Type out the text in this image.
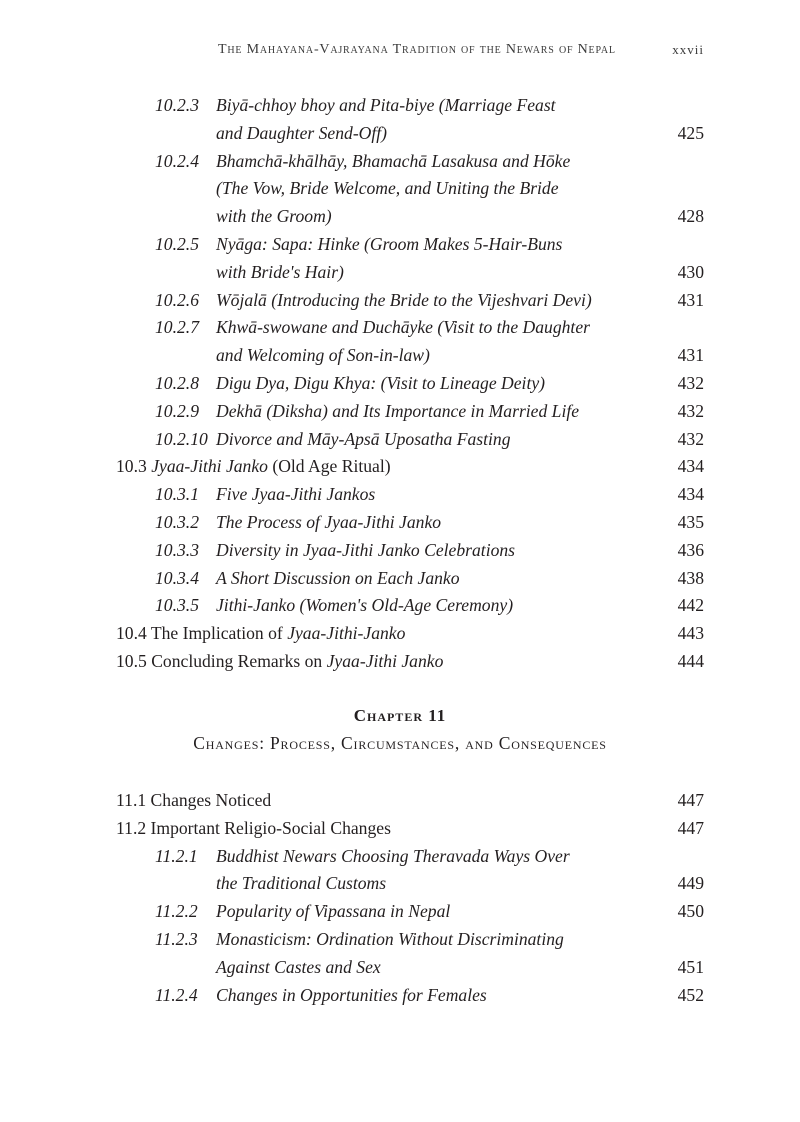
The Mahayana-Vajrayana Tradition of the Newars of Nepal	xxvii
10.2.3 Biyā-chhoy bhoy and Pita-biye (Marriage Feast
and Daughter Send-Off)	425
10.2.4 Bhamchā-khālhāy, Bhamachā Lasakusa and Hōke
(The Vow, Bride Welcome, and Uniting the Bride
with the Groom)	428
10.2.5 Nyāga: Sapa: Hinke (Groom Makes 5-Hair-Buns
with Bride's Hair)	430
10.2.6 Wōjalā (Introducing the Bride to the Vijeshvari Devi)	431
10.2.7 Khwā-swowane and Duchāyke (Visit to the Daughter
and Welcoming of Son-in-law)	431
10.2.8 Digu Dya, Digu Khya: (Visit to Lineage Deity)	432
10.2.9 Dekhā (Diksha) and Its Importance in Married Life	432
10.2.10 Divorce and Māy-Apsā Uposatha Fasting	432
10.3 Jyaa-Jithi Janko (Old Age Ritual)	434
10.3.1 Five Jyaa-Jithi Jankos	434
10.3.2 The Process of Jyaa-Jithi Janko	435
10.3.3 Diversity in Jyaa-Jithi Janko Celebrations	436
10.3.4 A Short Discussion on Each Janko	438
10.3.5 Jithi-Janko (Women's Old-Age Ceremony)	442
10.4 The Implication of Jyaa-Jithi-Janko	443
10.5 Concluding Remarks on Jyaa-Jithi Janko	444
Chapter 11
Changes: Process, Circumstances, and Consequences
11.1 Changes Noticed	447
11.2 Important Religio-Social Changes	447
11.2.1 Buddhist Newars Choosing Theravada Ways Over
the Traditional Customs	449
11.2.2 Popularity of Vipassana in Nepal	450
11.2.3 Monasticism: Ordination Without Discriminating
Against Castes and Sex	451
11.2.4 Changes in Opportunities for Females	452
